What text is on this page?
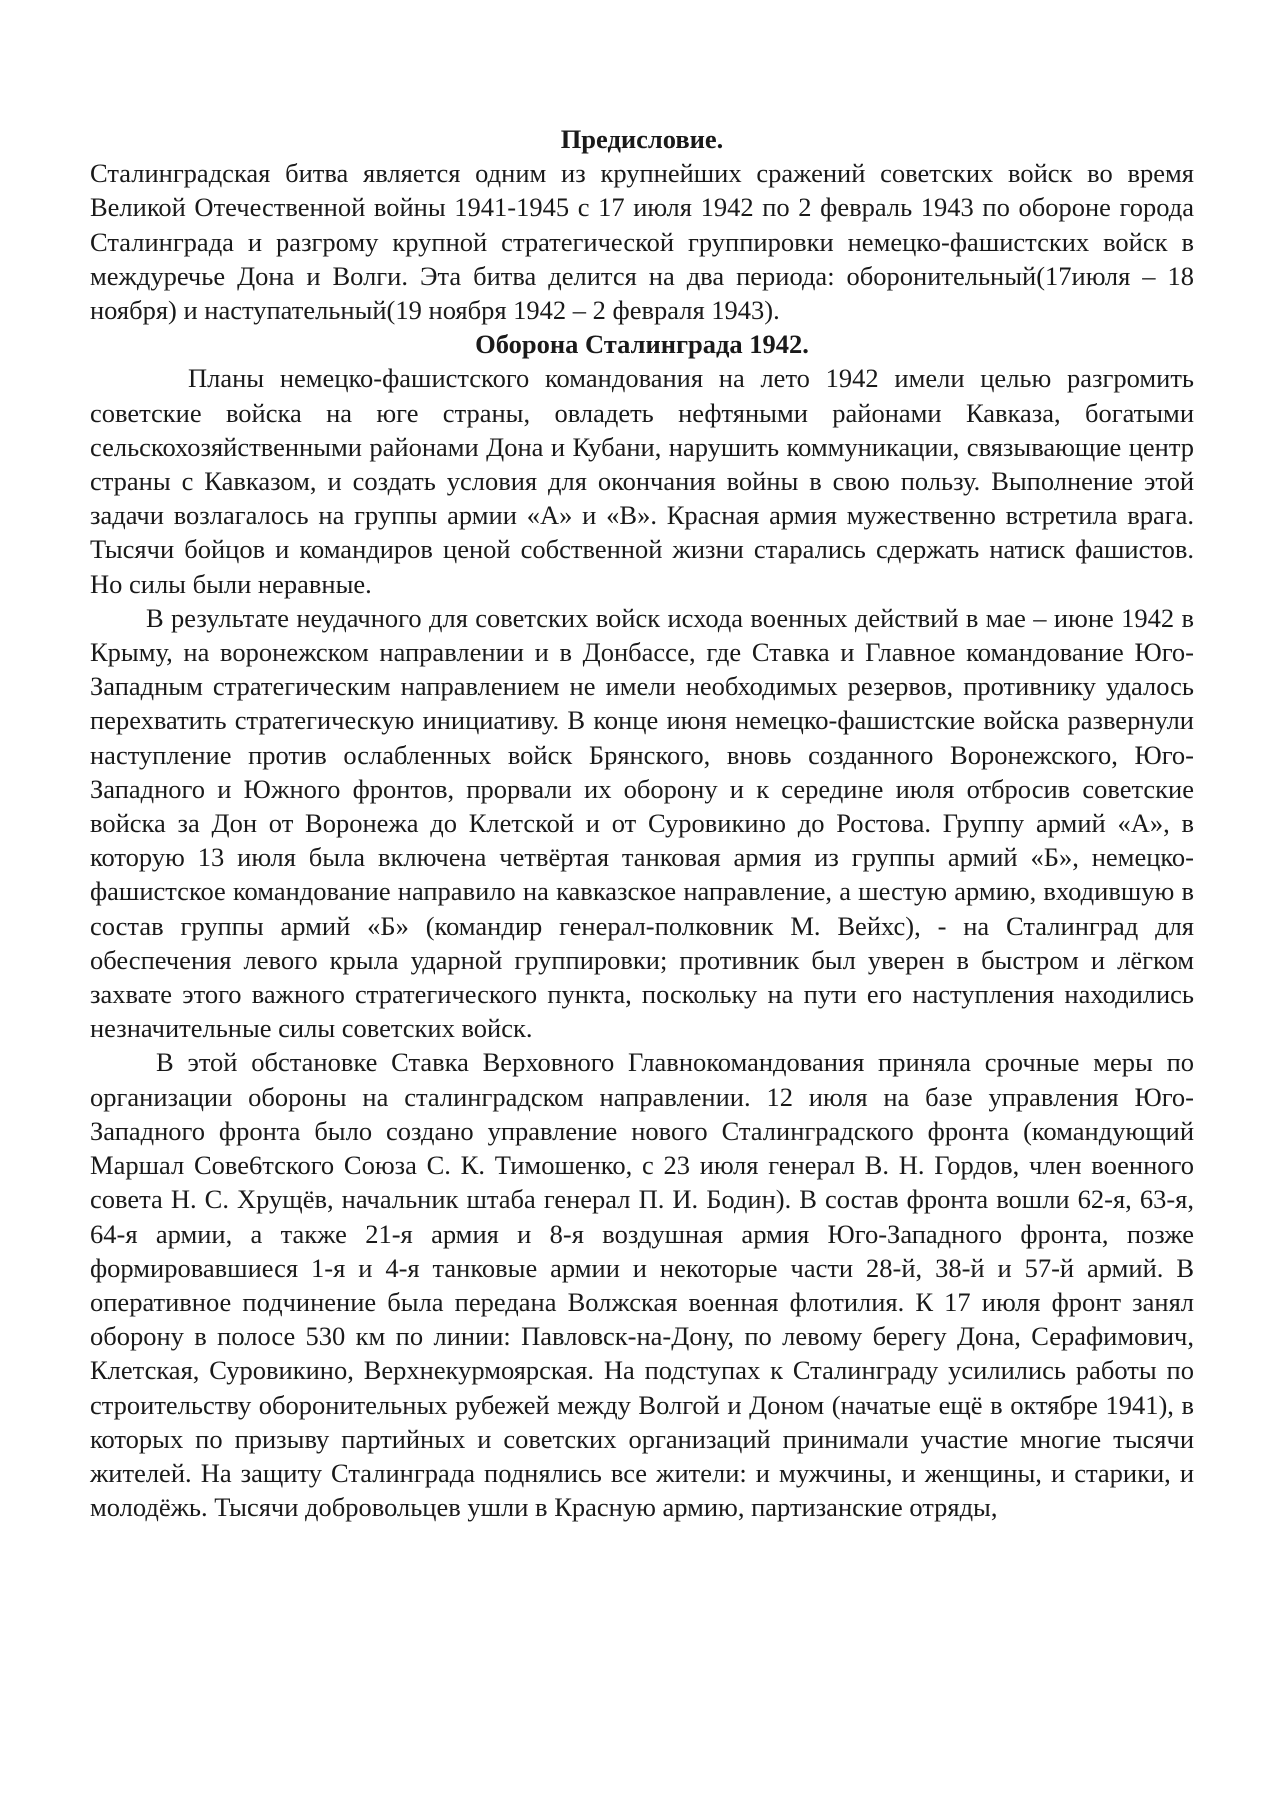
Предисловие.

Сталинградская битва является одним из крупнейших сражений советских войск во время Великой Отечественной войны 1941-1945 с 17 июля 1942 по 2 февраль 1943 по обороне города Сталинграда и разгрому крупной стратегической группировки немецко-фашистских войск в междуречье Дона и Волги. Эта битва делится на два периода: оборонительный(17июля – 18 ноября) и наступательный(19 ноября 1942 – 2 февраля 1943).

Оборона Сталинграда 1942.

Планы немецко-фашистского командования на лето 1942 имели целью разгромить советские войска на юге страны, овладеть нефтяными районами Кавказа, богатыми сельскохозяйственными районами Дона и Кубани, нарушить коммуникации, связывающие центр страны с Кавказом, и создать условия для окончания войны в свою пользу. Выполнение этой задачи возлагалось на группы армии «А» и «В». Красная армия мужественно встретила врага. Тысячи бойцов и командиров ценой собственной жизни старались сдержать натиск фашистов. Но силы были неравные.

В результате неудачного для советских войск исхода военных действий в мае – июне 1942 в Крыму, на воронежском направлении и в Донбассе, где Ставка и Главное командование Юго-Западным стратегическим направлением не имели необходимых резервов, противнику удалось перехватить стратегическую инициативу. В конце июня немецко-фашистские войска развернули наступление против ослабленных войск Брянского, вновь созданного Воронежского, Юго-Западного и Южного фронтов, прорвали их оборону и к середине июля отбросив советские войска за Дон от Воронежа до Клетской и от Суровикино до Ростова. Группу армий «А», в которую 13 июля была включена четвёртая танковая армия из группы армий «Б», немецко-фашистское командование направило на кавказское направление, а шестую армию, входившую в состав группы армий «Б» (командир генерал-полковник М. Вейхс), - на Сталинград для обеспечения левого крыла ударной группировки; противник был уверен в быстром и лёгком захвате этого важного стратегического пункта, поскольку на пути его наступления находились незначительные силы советских войск.

В этой обстановке Ставка Верховного Главнокомандования приняла срочные меры по организации обороны на сталинградском направлении. 12 июля на базе управления Юго-Западного фронта было создано управление нового Сталинградского фронта (командующий Маршал Сове6тского Союза С. К. Тимошенко, с 23 июля генерал В. Н. Гордов, член военного совета Н. С. Хрущёв, начальник штаба генерал П. И. Бодин). В состав фронта вошли 62-я, 63-я, 64-я армии, а также 21-я армия и 8-я воздушная армия Юго-Западного фронта, позже формировавшиеся 1-я и 4-я танковые армии и некоторые части 28-й, 38-й и 57-й армий. В оперативное подчинение была передана Волжская военная флотилия. К 17 июля фронт занял оборону в полосе 530 км по линии: Павловск-на-Дону, по левому берегу Дона, Серафимович, Клетская, Суровикино, Верхнекурмоярская. На подступах к Сталинграду усилились работы по строительству оборонительных рубежей между Волгой и Доном (начатые ещё в октябре 1941), в которых по призыву партийных и советских организаций принимали участие многие тысячи жителей. На защиту Сталинграда поднялись все жители: и мужчины, и женщины, и старики, и молодёжь. Тысячи добровольцев ушли в Красную армию, партизанские отряды,
